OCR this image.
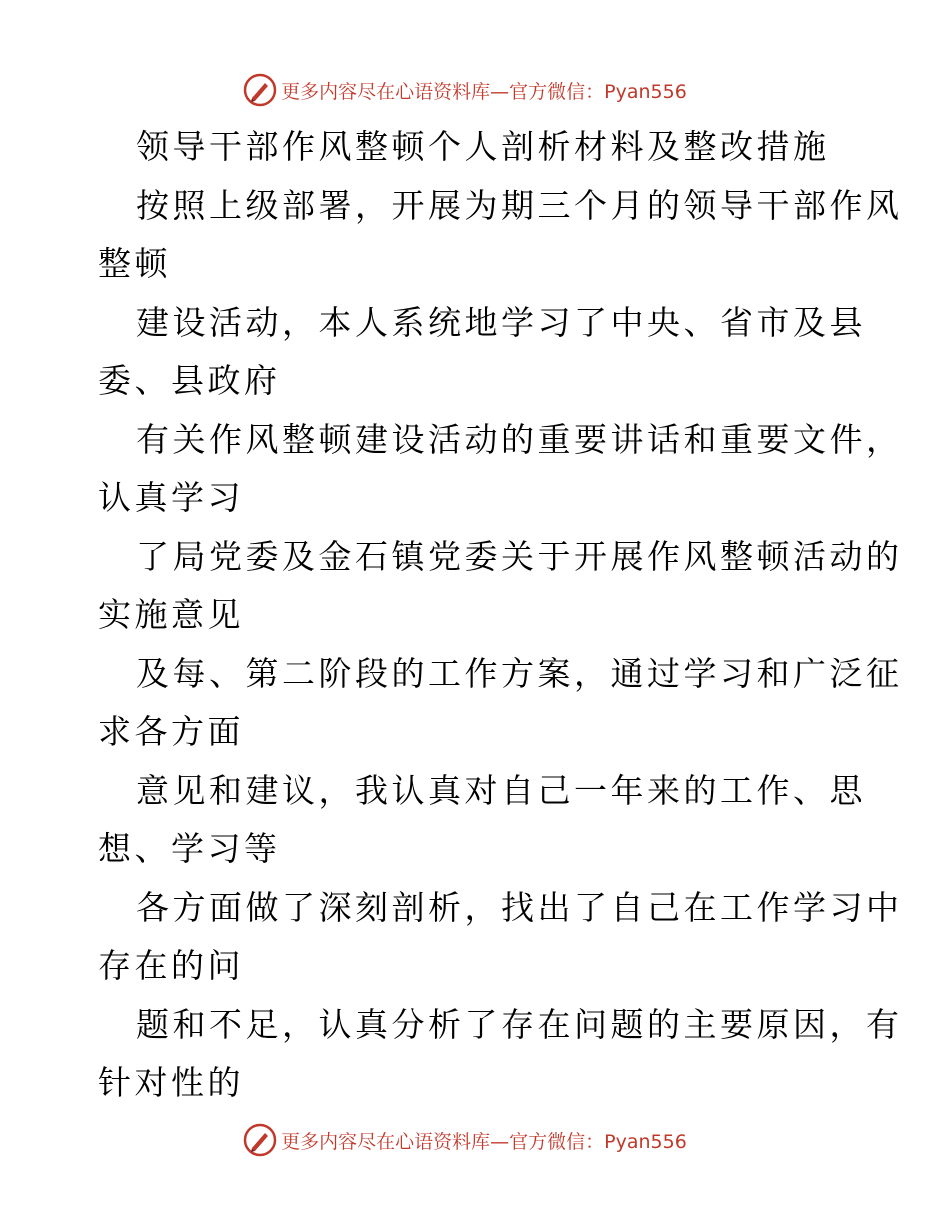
更多内容尽在心语资料库—官方微信：Pyan556
领导干部作风整顿个人剖析材料及整改措施
按照上级部署，开展为期三个月的领导干部作风
整顿
建设活动，本人系统地学习了中央、省市及县
委、县政府
有关作风整顿建设活动的重要讲话和重要文件，
认真学习
了局党委及金石镇党委关于开展作风整顿活动的
实施意见
及每、第二阶段的工作方案，通过学习和广泛征
求各方面
意见和建议，我认真对自己一年来的工作、思
想、学习等
各方面做了深刻剖析，找出了自己在工作学习中
存在的问
题和不足，认真分析了存在问题的主要原因，有
针对性的
更多内容尽在心语资料库—官方微信：Pyan556
